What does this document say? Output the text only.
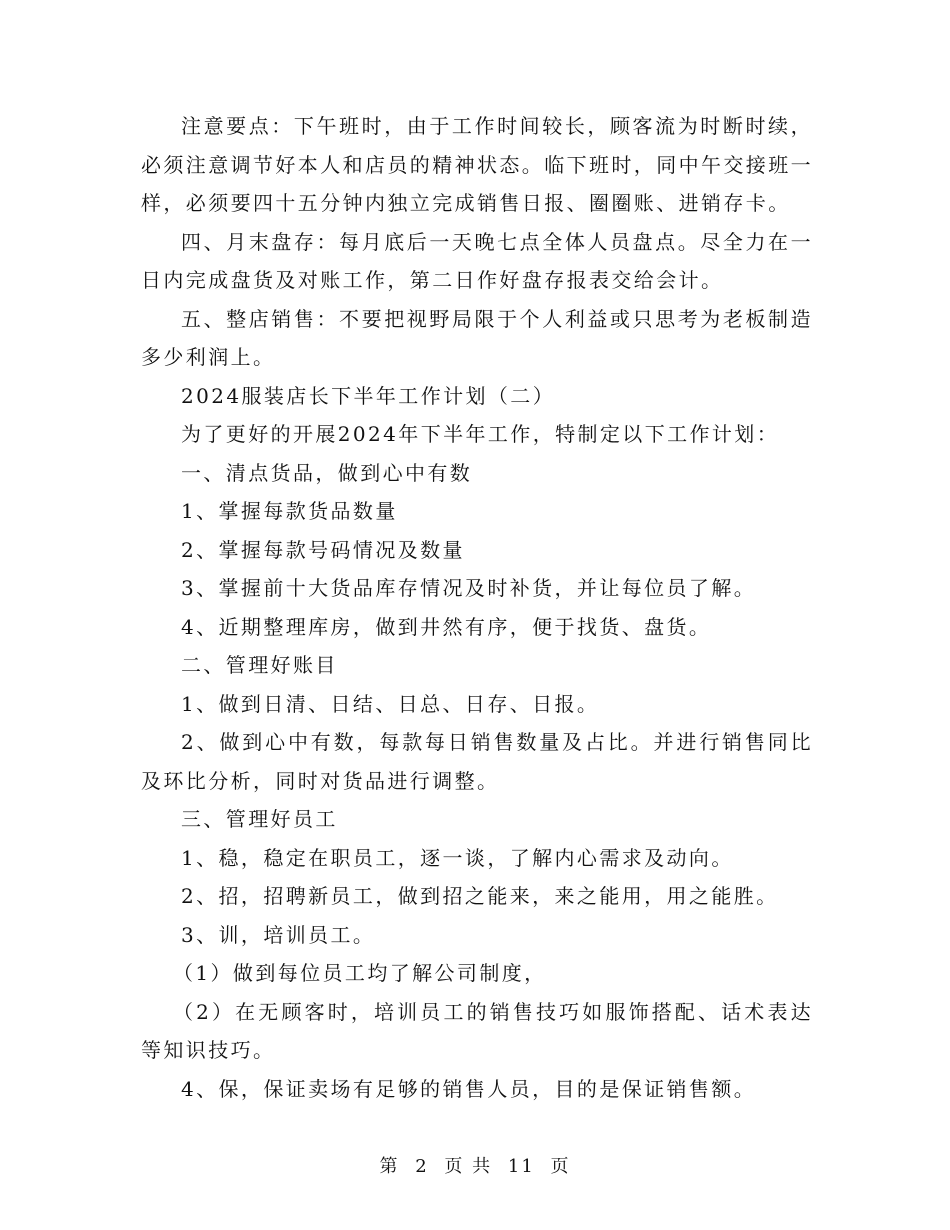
注意要点：下午班时，由于工作时间较长，顾客流为时断时续，必须注意调节好本人和店员的精神状态。临下班时，同中午交接班一样，必须要四十五分钟内独立完成销售日报、圈圈账、进销存卡。

四、月末盘存：每月底后一天晚七点全体人员盘点。尽全力在一日内完成盘货及对账工作，第二日作好盘存报表交给会计。

五、整店销售：不要把视野局限于个人利益或只思考为老板制造多少利润上。

2024服装店长下半年工作计划（二）

为了更好的开展2024年下半年工作，特制定以下工作计划：

一、清点货品，做到心中有数

1、掌握每款货品数量

2、掌握每款号码情况及数量

3、掌握前十大货品库存情况及时补货，并让每位员了解。

4、近期整理库房，做到井然有序，便于找货、盘货。

二、管理好账目

1、做到日清、日结、日总、日存、日报。

2、做到心中有数，每款每日销售数量及占比。并进行销售同比及环比分析，同时对货品进行调整。

三、管理好员工

1、稳，稳定在职员工，逐一谈，了解内心需求及动向。

2、招，招聘新员工，做到招之能来，来之能用，用之能胜。

3、训，培训员工。

（1）做到每位员工均了解公司制度，

（2）在无顾客时，培训员工的销售技巧如服饰搭配、话术表达等知识技巧。

4、保，保证卖场有足够的销售人员，目的是保证销售额。

第 2 页 共 11 页
